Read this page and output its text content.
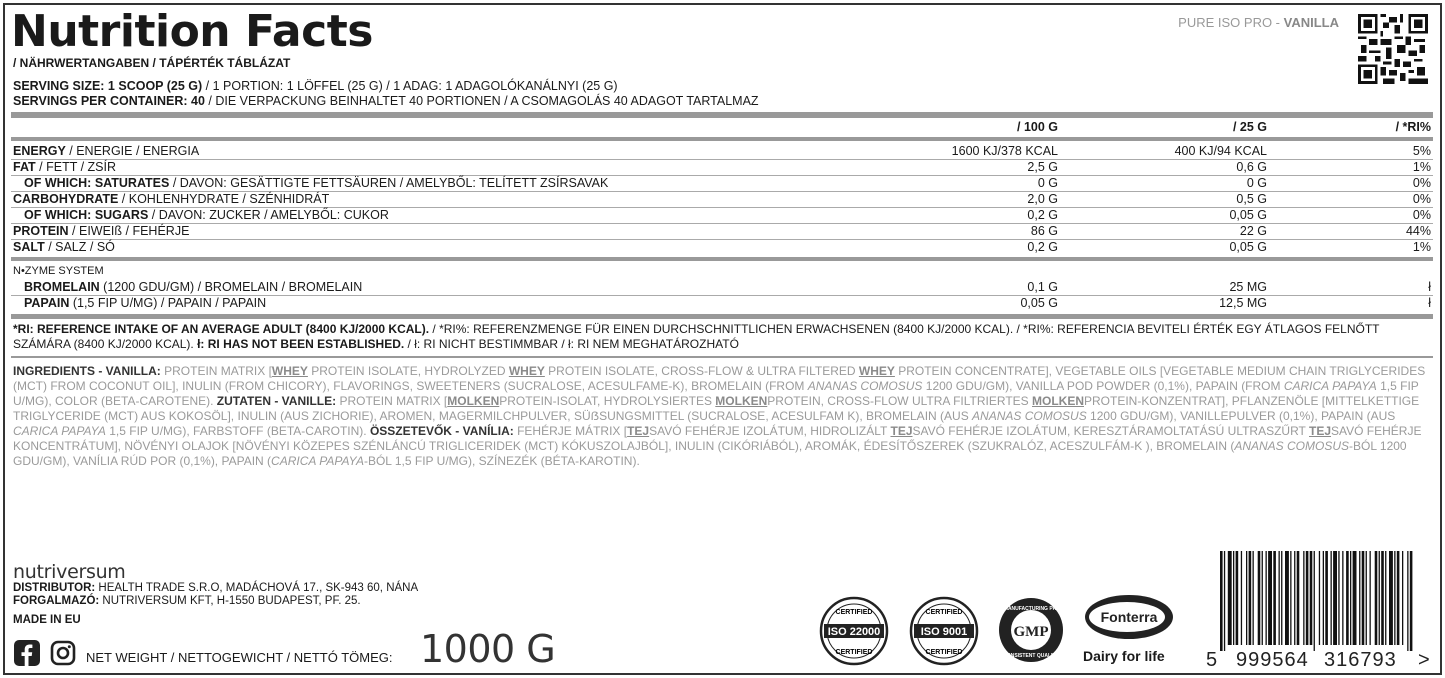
Nutrition Facts
/ NÄHRWERTANGABEN / TÁPÉRTÉK TÁBLÁZAT
PURE ISO PRO - VANILLA
SERVING SIZE: 1 SCOOP (25 G) / 1 PORTION: 1 LÖFFEL (25 G) / 1 ADAG: 1 ADAGOLÓKANÁLNYI (25 G)
SERVINGS PER CONTAINER: 40 / DIE VERPACKUNG BEINHALTET 40 PORTIONEN / A CSOMAGOLÁS 40 ADAGOT TARTALMAZ
/ 100 G	/ 25 G	/ *RI%
ENERGY / ENERGIE / ENERGIA	1600 KJ/378 KCAL	400 KJ/94 KCAL	5%
FAT / FETT / ZSÍR	2,5 G	0,6 G	1%
OF WHICH: SATURATES / DAVON: GESÄTTIGTE FETTSÄUREN / AMELYBŐL: TELÍTETT ZSÍRSAVAK	0 G	0 G	0%
CARBOHYDRATE / KOHLENHYDRATE / SZÉNHIDRÁT	2,0 G	0,5 G	0%
OF WHICH: SUGARS / DAVON: ZUCKER / AMELYBŐL: CUKOR	0,2 G	0,05 G	0%
PROTEIN / EIWEIß / FEHÉRJE	86 G	22 G	44%
SALT / SALZ / SÓ	0,2 G	0,05 G	1%
N•ZYME SYSTEM
BROMELAIN (1200 GDU/GM) / BROMELAIN / BROMELAIN	0,1 G	25 MG	ł
PAPAIN (1,5 FIP U/MG) / PAPAIN / PAPAIN	0,05 G	12,5 MG	ł
*RI: REFERENCE INTAKE OF AN AVERAGE ADULT (8400 KJ/2000 KCAL). / *RI%: REFERENZMENGE FÜR EINEN DURCHSCHNITTLICHEN ERWACHSENEN (8400 KJ/2000 KCAL). / *RI%: REFERENCIA BEVITELI ÉRTÉK EGY ÁTLAGOS FELNŐTT SZÁMÁRA (8400 KJ/2000 KCAL). ł: RI HAS NOT BEEN ESTABLISHED. / ł: RI NICHT BESTIMMBAR / ł: RI NEM MEGHATÁROZHATÓ
INGREDIENTS - VANILLA: PROTEIN MATRIX [WHEY PROTEIN ISOLATE, HYDROLYZED WHEY PROTEIN ISOLATE, CROSS-FLOW & ULTRA FILTERED WHEY PROTEIN CONCENTRATE], VEGETABLE OILS [VEGETABLE MEDIUM CHAIN TRIGLYCERIDES (MCT) FROM COCONUT OIL], INULIN (FROM CHICORY), FLAVORINGS, SWEETENERS (SUCRALOSE, ACESULFAME-K), BROMELAIN (FROM ANANAS COMOSUS 1200 GDU/GM), VANILLA POD POWDER (0,1%), PAPAIN (FROM CARICA PAPAYA 1,5 FIP U/MG), COLOR (BETA-CAROTENE). ZUTATEN - VANILLE: PROTEIN MATRIX [MOLKENPROTEIN-ISOLAT, HYDROLYSIERTES MOLKENPROTEIN, CROSS-FLOW ULTRA FILTRIERTES MOLKENPROTEIN-KONZENTRAT], PFLANZENÖLE [MITTELKETTIGE TRIGLYCERIDE (MCT) AUS KOKOSÖL], INULIN (AUS ZICHORIE), AROMEN, MAGERMILCHPULVER, SÜẞSUNGSMITTEL (SUCRALOSE, ACESULFAM K), BROMELAIN (AUS ANANAS COMOSUS 1200 GDU/GM), VANILLEPULVER (0,1%), PAPAIN (AUS CARICA PAPAYA 1,5 FIP U/MG), FARBSTOFF (BETA-CAROTIN). ÖSSZETEVŐK - VANÍLIA: FEHÉRJE MÁTRIX [TEJSAVÓ FEHÉRJE IZOLÁTUM, HIDROLIZÁLT TEJSAVÓ FEHÉRJE IZOLÁTUM, KERESZTÁRAMOLTATÁSÚ ULTRASZŰRT TEJSAVÓ FEHÉRJE KONCENTRÁTUM], NÖVÉNYI OLAJOK [NÖVÉNYI KÖZEPES SZÉNLÁNCÚ TRIGLICERIDEK (MCT) KÓKUSZOLAJBÓL], INULIN (CIKÓRIÁBÓL), AROMÁK, ÉDESÍTŐSZEREK (SZUKRALÓZ, ACESZULFÁM-K ), BROMELAIN (ANANAS COMOSUS-BÓL 1200 GDU/GM), VANÍLIA RÚD POR (0,1%), PAPAIN (CARICA PAPAYA-BÓL 1,5 FIP U/MG), SZÍNEZÉK (BÉTA-KAROTIN).
nutriversum
DISTRIBUTOR: HEALTH TRADE S.R.O, MADÁCHOVÁ 17., SK-943 60, NÁNA
FORGALMAZÓ: NUTRIVERSUM KFT, H-1550 BUDAPEST, PF. 25.
MADE IN EU
NET WEIGHT / NETTOGEWICHT / NETTÓ TÖMEG: 1000 G
CERTIFIED
ISO 22000
CERTIFIED
CERTIFIED
ISO 9001
CERTIFIED
GOOD MANUFACTURING PRACTICE
GMP
CONSISTENT QUALITY
Fonterra
Dairy for life 5 999564 316793 >
